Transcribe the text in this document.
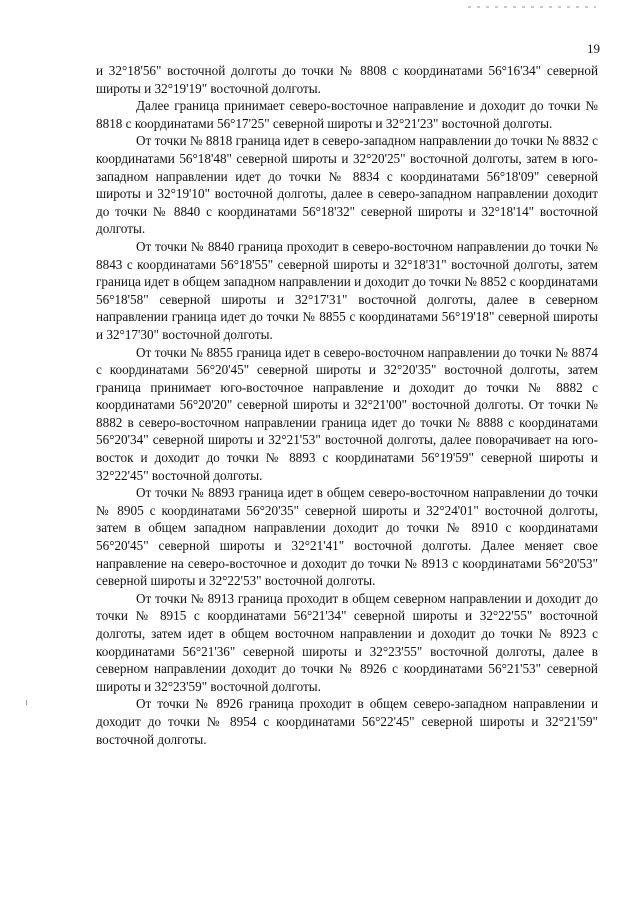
19

и 32°18'56" восточной долготы до точки № 8808 с координатами 56°16'34" северной широты и 32°19'19" восточной долготы.

Далее граница принимает северо-восточное направление и доходит до точки № 8818 с координатами 56°17'25" северной широты и 32°21'23" восточной долготы.

От точки № 8818 граница идет в северо-западном направлении до точки № 8832 с координатами 56°18'48" северной широты и 32°20'25" восточной долготы, затем в юго-западном направлении идет до точки № 8834 с координатами 56°18'09" северной широты и 32°19'10" восточной долготы, далее в северо-западном направлении доходит до точки № 8840 с координатами 56°18'32" северной широты и 32°18'14" восточной долготы.

От точки № 8840 граница проходит в северо-восточном направлении до точки № 8843 с координатами 56°18'55" северной широты и 32°18'31" восточной долготы, затем граница идет в общем западном направлении и доходит до точки № 8852 с координатами 56°18'58" северной широты и 32°17'31" восточной долготы, далее в северном направлении граница идет до точки № 8855 с координатами 56°19'18" северной широты и 32°17'30" восточной долготы.

От точки № 8855 граница идет в северо-восточном направлении до точки № 8874 с координатами 56°20'45" северной широты и 32°20'35" восточной долготы, затем граница принимает юго-восточное направление и доходит до точки № 8882 с координатами 56°20'20" северной широты и 32°21'00" восточной долготы. От точки № 8882 в северо-восточном направлении граница идет до точки № 8888 с координатами 56°20'34" северной широты и 32°21'53" восточной долготы, далее поворачивает на юго-восток и доходит до точки № 8893 с координатами 56°19'59" северной широты и 32°22'45" восточной долготы.

От точки № 8893 граница идет в общем северо-восточном направлении до точки № 8905 с координатами 56°20'35" северной широты и 32°24'01" восточной долготы, затем в общем западном направлении доходит до точки № 8910 с координатами 56°20'45" северной широты и 32°21'41" восточной долготы. Далее меняет свое направление на северо-восточное и доходит до точки № 8913 с координатами 56°20'53" северной широты и 32°22'53" восточной долготы.

От точки № 8913 граница проходит в общем северном направлении и доходит до точки № 8915 с координатами 56°21'34" северной широты и 32°22'55" восточной долготы, затем идет в общем восточном направлении и доходит до точки № 8923 с координатами 56°21'36" северной широты и 32°23'55" восточной долготы, далее в северном направлении доходит до точки № 8926 с координатами 56°21'53" северной широты и 32°23'59" восточной долготы.

От точки № 8926 граница проходит в общем северо-западном направлении и доходит до точки № 8954 с координатами 56°22'45" северной широты и 32°21'59" восточной долготы.
